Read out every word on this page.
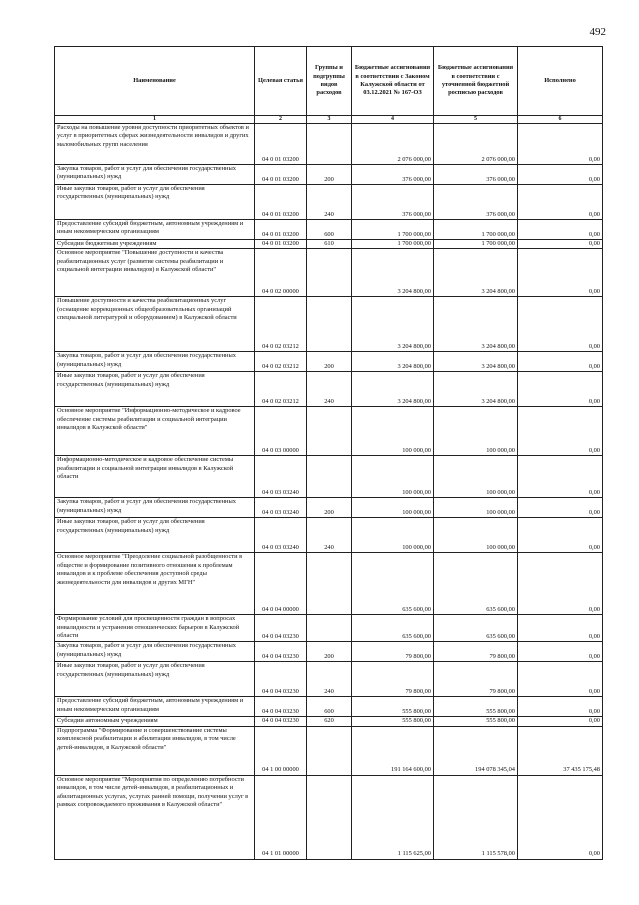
492
Наименование	Целевая статья	Группы и подгруппы видов расходов	Бюджетные ассигнования в соответствии с Законом Калужской области от 03.12.2021 № 167-ОЗ	Бюджетные ассигнования в соответствии с уточненной бюджетной росписью расходов	Исполнено
1	2	3	4	5	6
Расходы на повышение уровня доступности приоритетных объектов и услуг в приоритетных сферах жизнедеятельности инвалидов и других маломобильных групп населения	04 0 01 03200		2 076 000,00	2 076 000,00	0,00
Закупка товаров, работ и услуг для обеспечения государственных (муниципальных) нужд	04 0 01 03200	200	376 000,00	376 000,00	0,00
Иные закупки товаров, работ и услуг для обеспечения государственных (муниципальных) нужд	04 0 01 03200	240	376 000,00	376 000,00	0,00
Предоставление субсидий бюджетным, автономным учреждениям и иным некоммерческим организациям	04 0 01 03200	600	1 700 000,00	1 700 000,00	0,00
Субсидии бюджетным учреждениям	04 0 01 03200	610	1 700 000,00	1 700 000,00	0,00
Основное мероприятие "Повышение доступности и качества реабилитационных услуг (развитие системы реабилитации и социальной интеграции инвалидов) в Калужской области"	04 0 02 00000		3 204 800,00	3 204 800,00	0,00
Повышение доступности и качества реабилитационных услуг (оснащение коррекционных общеобразовательных организаций специальной литературой и оборудованием) в Калужской области	04 0 02 03212		3 204 800,00	3 204 800,00	0,00
Закупка товаров, работ и услуг для обеспечения государственных (муниципальных) нужд	04 0 02 03212	200	3 204 800,00	3 204 800,00	0,00
Иные закупки товаров, работ и услуг для обеспечения государственных (муниципальных) нужд	04 0 02 03212	240	3 204 800,00	3 204 800,00	0,00
Основное мероприятие "Информационно-методическое и кадровое обеспечение системы реабилитации и социальной интеграции инвалидов в Калужской области"	04 0 03 00000		100 000,00	100 000,00	0,00
Информационно-методическое и кадровое обеспечение системы реабилитации и социальной интеграции инвалидов в Калужской области	04 0 03 03240		100 000,00	100 000,00	0,00
Закупка товаров, работ и услуг для обеспечения государственных (муниципальных) нужд	04 0 03 03240	200	100 000,00	100 000,00	0,00
Иные закупки товаров, работ и услуг для обеспечения государственных (муниципальных) нужд	04 0 03 03240	240	100 000,00	100 000,00	0,00
Основное мероприятие "Преодоление социальной разобщенности в обществе и формирование позитивного отношения к проблемам инвалидов и к проблеме обеспечения доступной среды жизнедеятельности для инвалидов и других МГН"	04 0 04 00000		635 600,00	635 600,00	0,00
Формирование условий для просвещенности граждан в вопросах инвалидности и устранения отношенческих барьеров в Калужской области	04 0 04 03230		635 600,00	635 600,00	0,00
Закупка товаров, работ и услуг для обеспечения государственных (муниципальных) нужд	04 0 04 03230	200	79 800,00	79 800,00	0,00
Иные закупки товаров, работ и услуг для обеспечения государственных (муниципальных) нужд	04 0 04 03230	240	79 800,00	79 800,00	0,00
Предоставление субсидий бюджетным, автономным учреждениям и иным некоммерческим организациям	04 0 04 03230	600	555 800,00	555 800,00	0,00
Субсидии автономным учреждениям	04 0 04 03230	620	555 800,00	555 800,00	0,00
Подпрограмма "Формирование и совершенствование системы комплексной реабилитации и абилитации инвалидов, в том числе детей-инвалидов, в Калужской области"	04 1 00 00000		191 164 600,00	194 078 345,04	37 435 175,48
Основное мероприятие "Мероприятия по определению потребности инвалидов, в том числе детей-инвалидов, в реабилитационных и абилитационных услугах, услугах ранней помощи, получении услуг в рамках сопровождаемого проживания в Калужской области"	04 1 01 00000		1 115 625,00	1 115 578,00	0,00
